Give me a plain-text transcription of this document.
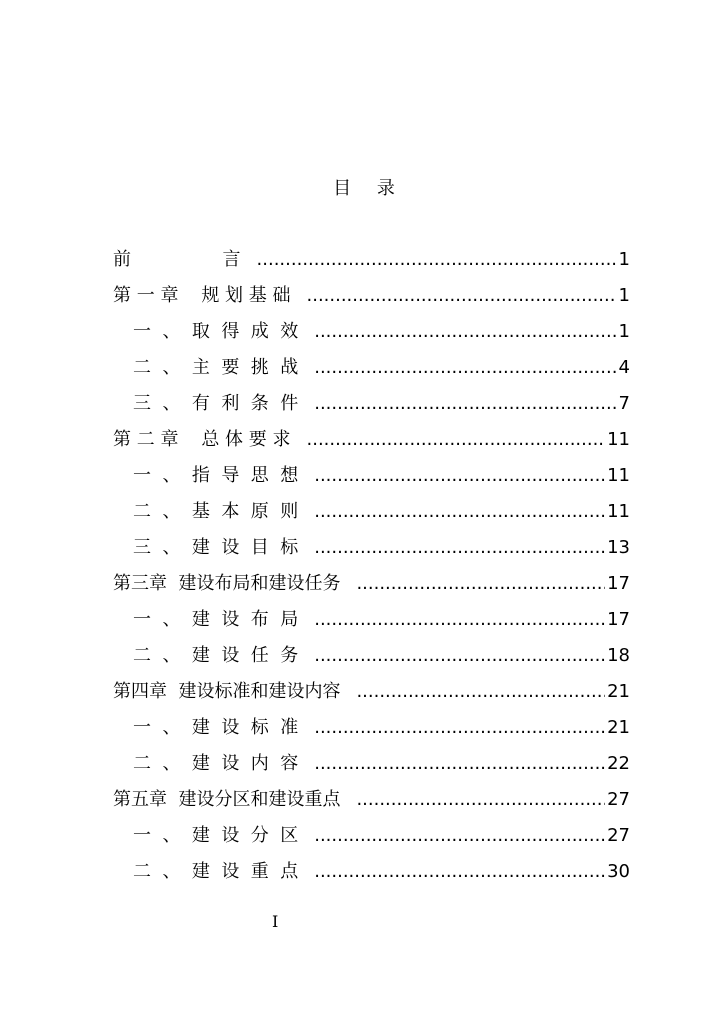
目 录
前                言 .....	1
第 一 章    规 划 基 础 .....	1
一  、  取  得  成  效 .....	1
二  、  主  要  挑  战 .....	4
三  、  有  利  条  件 .....	7
第 二 章    总 体 要 求 .....	11
一  、  指  导  思  想 .....	11
二  、  基  本  原  则 .....	11
三  、  建  设  目  标 .....	13
第三章  建设布局和建设任务 .....	17
一  、  建  设  布  局 .....	17
二  、  建  设  任  务 .....	18
第四章  建设标准和建设内容 .....	21
一  、  建  设  标  准 .....	21
二  、  建  设  内  容 .....	22
第五章  建设分区和建设重点 .....	27
一  、  建  设  分  区 .....	27
二  、  建  设  重  点 .....	30
I
